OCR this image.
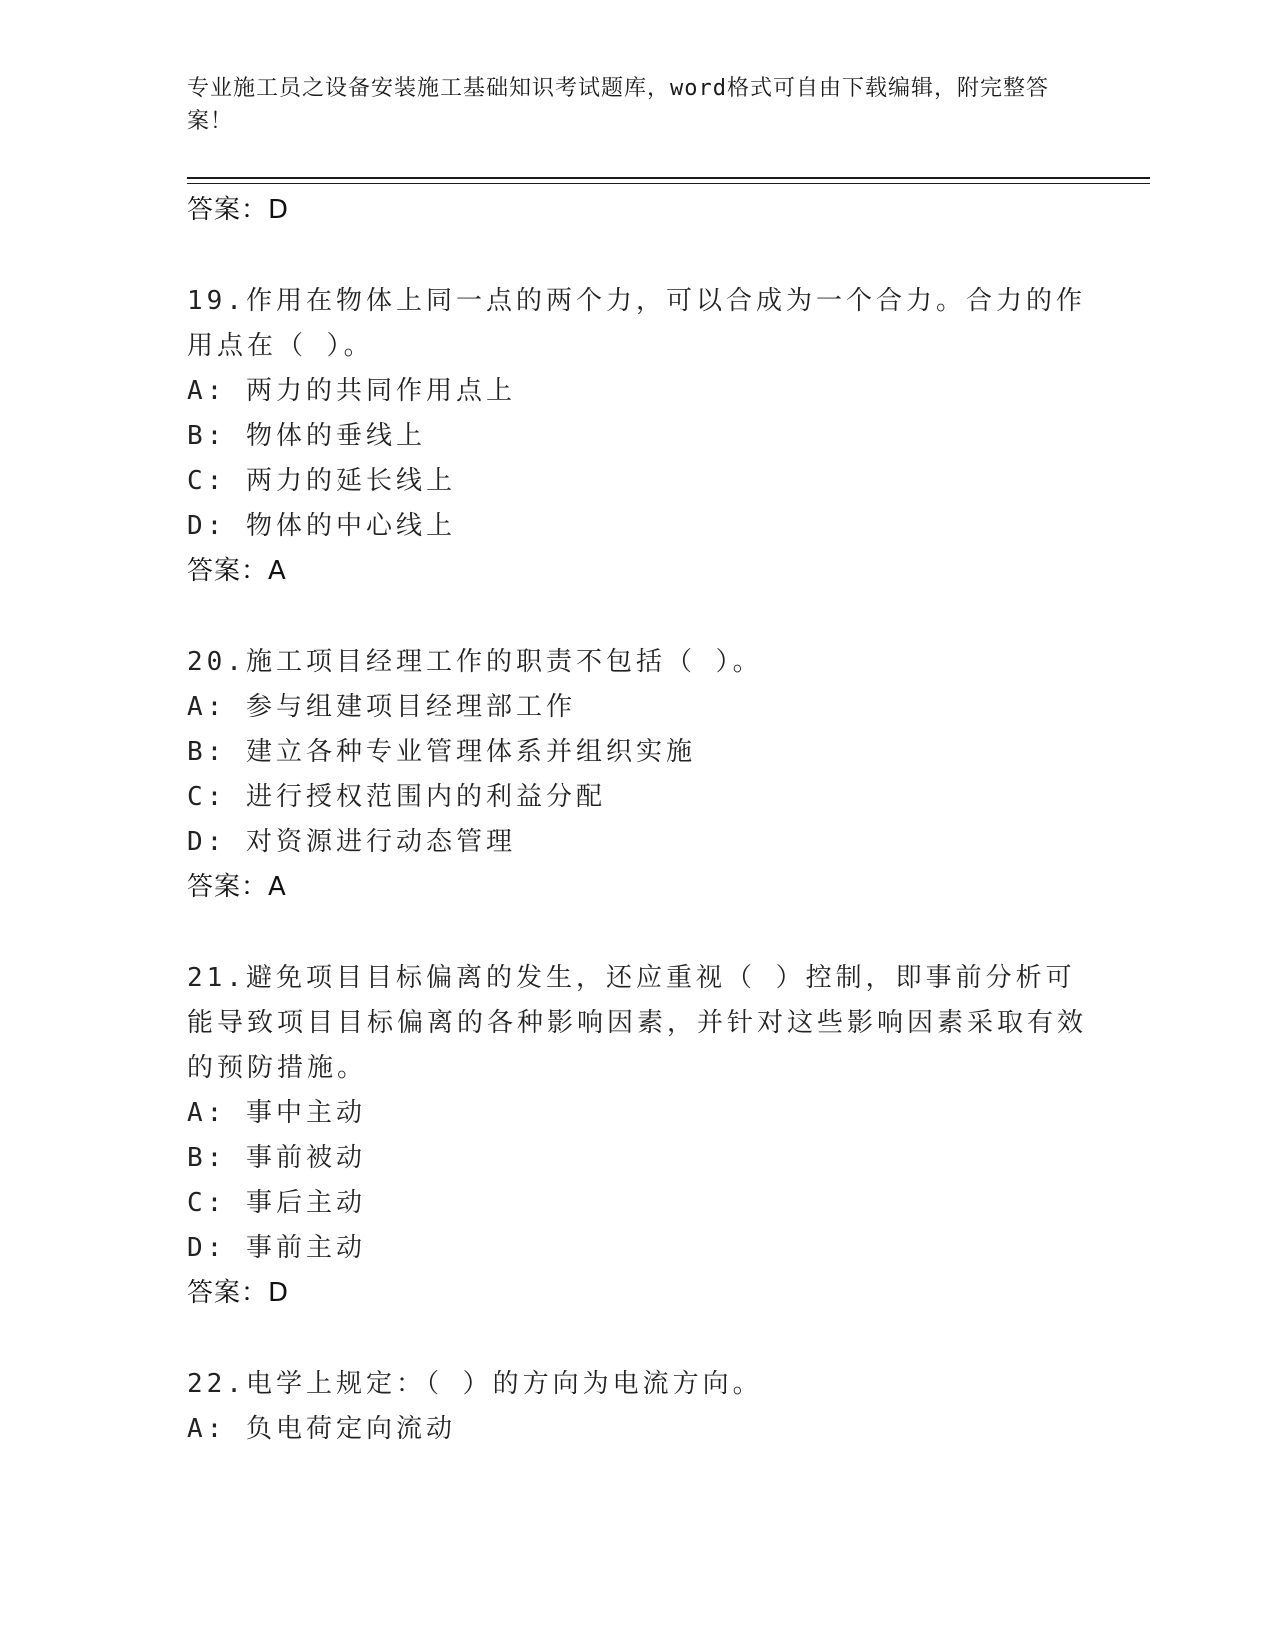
专业施工员之设备安装施工基础知识考试题库，word格式可自由下载编辑，附完整答案！
答案：D
19.作用在物体上同一点的两个力，可以合成为一个合力。合力的作用点在（ ）。
A: 两力的共同作用点上
B: 物体的垂线上
C: 两力的延长线上
D: 物体的中心线上
答案：A
20.施工项目经理工作的职责不包括（ ）。
A: 参与组建项目经理部工作
B: 建立各种专业管理体系并组织实施
C: 进行授权范围内的利益分配
D: 对资源进行动态管理
答案：A
21.避免项目目标偏离的发生，还应重视（ ）控制，即事前分析可能导致项目目标偏离的各种影响因素，并针对这些影响因素采取有效的预防措施。
A: 事中主动
B: 事前被动
C: 事后主动
D: 事前主动
答案：D
22.电学上规定：（ ）的方向为电流方向。
A: 负电荷定向流动
